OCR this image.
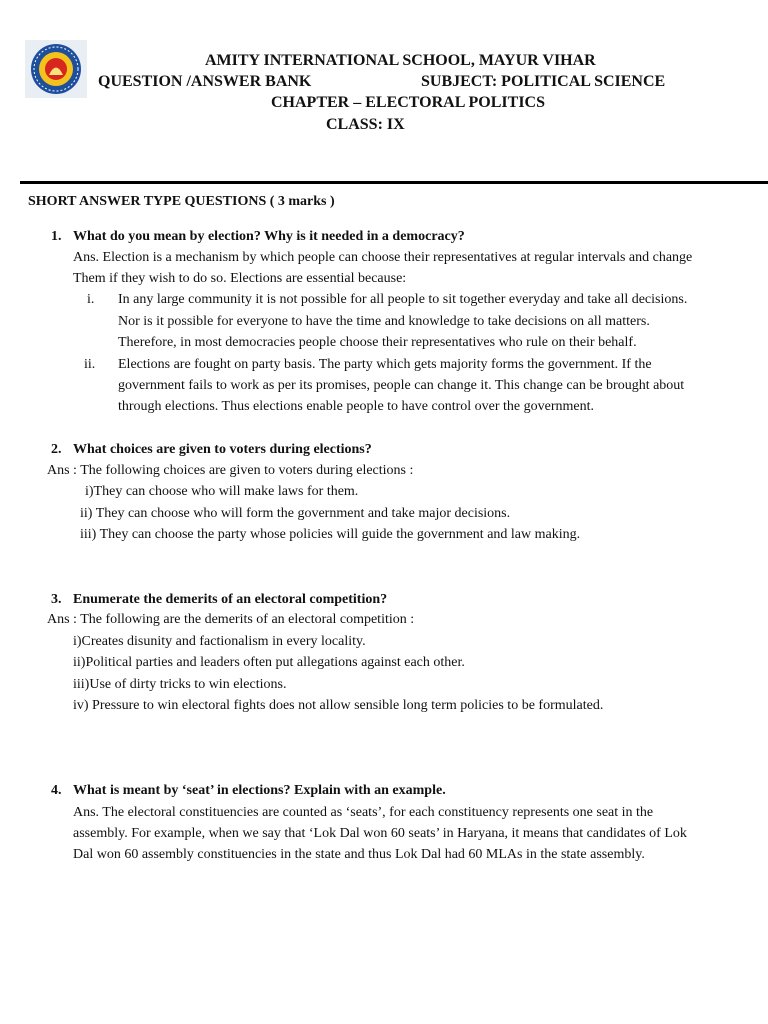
AMITY INTERNATIONAL SCHOOL, MAYUR VIHAR
QUESTION /ANSWER BANK	SUBJECT: POLITICAL SCIENCE
CHAPTER – ELECTORAL POLITICS
CLASS: IX
SHORT ANSWER TYPE QUESTIONS ( 3 marks )
1. What do you mean by election? Why is it needed in a democracy?
Ans. Election is a mechanism by which people can choose their representatives at regular intervals and change
Them if they wish to do so. Elections are essential because:
i. In any large community it is not possible for all people to sit together everyday and take all decisions.
Nor is it possible for everyone to have the time and knowledge to take decisions on all matters.
Therefore, in most democracies people choose their representatives who rule on their behalf.
ii. Elections are fought on party basis. The party which gets majority forms the government. If the
government fails to work as per its promises, people can change it. This change can be brought about
through elections. Thus elections enable people to have control over the government.
2. What choices are given to voters during elections?
Ans : The following choices are given to voters during elections :
i)They can choose who will make laws for them.
ii) They can choose who will form the government and take major decisions.
iii) They can choose the party whose policies will guide the government and law making.
3. Enumerate the demerits of an electoral competition?
Ans : The following are the demerits of an electoral competition :
i)Creates disunity and factionalism in every locality.
ii)Political parties and leaders often put allegations against each other.
iii)Use of dirty tricks to win elections.
iv) Pressure to win electoral fights does not allow sensible long term policies to be formulated.
4. What is meant by ‘seat’ in elections? Explain with an example.
Ans. The electoral constituencies are counted as ‘seats’, for each constituency represents one seat in the
assembly. For example, when we say that ‘Lok Dal won 60 seats’ in Haryana, it means that candidates of Lok
Dal won 60 assembly constituencies in the state and thus Lok Dal had 60 MLAs in the state assembly.
